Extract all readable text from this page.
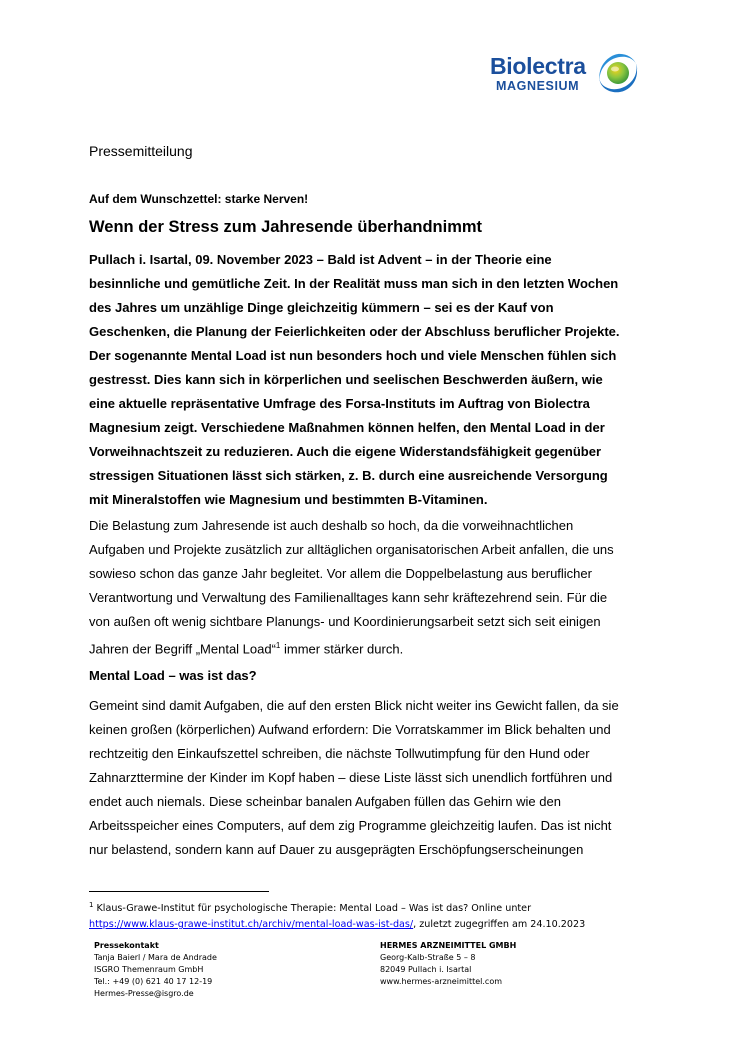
Biolectra
MAGNESIUM
Pressemitteilung
Auf dem Wunschzettel: starke Nerven!
Wenn der Stress zum Jahresende überhandnimmt
Pullach i. Isartal, 09. November 2023 – Bald ist Advent – in der Theorie eine
besinnliche und gemütliche Zeit. In der Realität muss man sich in den letzten Wochen
des Jahres um unzählige Dinge gleichzeitig kümmern – sei es der Kauf von
Geschenken, die Planung der Feierlichkeiten oder der Abschluss beruflicher Projekte.
Der sogenannte Mental Load ist nun besonders hoch und viele Menschen fühlen sich
gestresst. Dies kann sich in körperlichen und seelischen Beschwerden äußern, wie
eine aktuelle repräsentative Umfrage des Forsa-Instituts im Auftrag von Biolectra
Magnesium zeigt. Verschiedene Maßnahmen können helfen, den Mental Load in der
Vorweihnachtszeit zu reduzieren. Auch die eigene Widerstandsfähigkeit gegenüber
stressigen Situationen lässt sich stärken, z. B. durch eine ausreichende Versorgung
mit Mineralstoffen wie Magnesium und bestimmten B-Vitaminen.
Die Belastung zum Jahresende ist auch deshalb so hoch, da die vorweihnachtlichen
Aufgaben und Projekte zusätzlich zur alltäglichen organisatorischen Arbeit anfallen, die uns
sowieso schon das ganze Jahr begleitet. Vor allem die Doppelbelastung aus beruflicher
Verantwortung und Verwaltung des Familienalltages kann sehr kräftezehrend sein. Für die
von außen oft wenig sichtbare Planungs- und Koordinierungsarbeit setzt sich seit einigen
Jahren der Begriff „Mental Load“$^1$ immer stärker durch.
Mental Load – was ist das?
Gemeint sind damit Aufgaben, die auf den ersten Blick nicht weiter ins Gewicht fallen, da sie
keinen großen (körperlichen) Aufwand erfordern: Die Vorratskammer im Blick behalten und
rechtzeitig den Einkaufszettel schreiben, die nächste Tollwutimpfung für den Hund oder
Zahnarzttermine der Kinder im Kopf haben – diese Liste lässt sich unendlich fortführen und
endet auch niemals. Diese scheinbar banalen Aufgaben füllen das Gehirn wie den
Arbeitsspeicher eines Computers, auf dem zig Programme gleichzeitig laufen. Das ist nicht
nur belastend, sondern kann auf Dauer zu ausgeprägten Erschöpfungserscheinungen
$^1$ Klaus-Grawe-Institut für psychologische Therapie: Mental Load – Was ist das? Online unter
https://www.klaus-grawe-institut.ch/archiv/mental-load-was-ist-das/, zuletzt zugegriffen am 24.10.2023
Pressekontakt
Tanja Baierl / Mara de Andrade
ISGRO Themenraum GmbH
Tel.: +49 (0) 621 40 17 12-19
Hermes-Presse@isgro.de
HERMES ARZNEIMITTEL GMBH
Georg-Kalb-Straße 5 – 8
82049 Pullach i. Isartal
www.hermes-arzneimittel.com
